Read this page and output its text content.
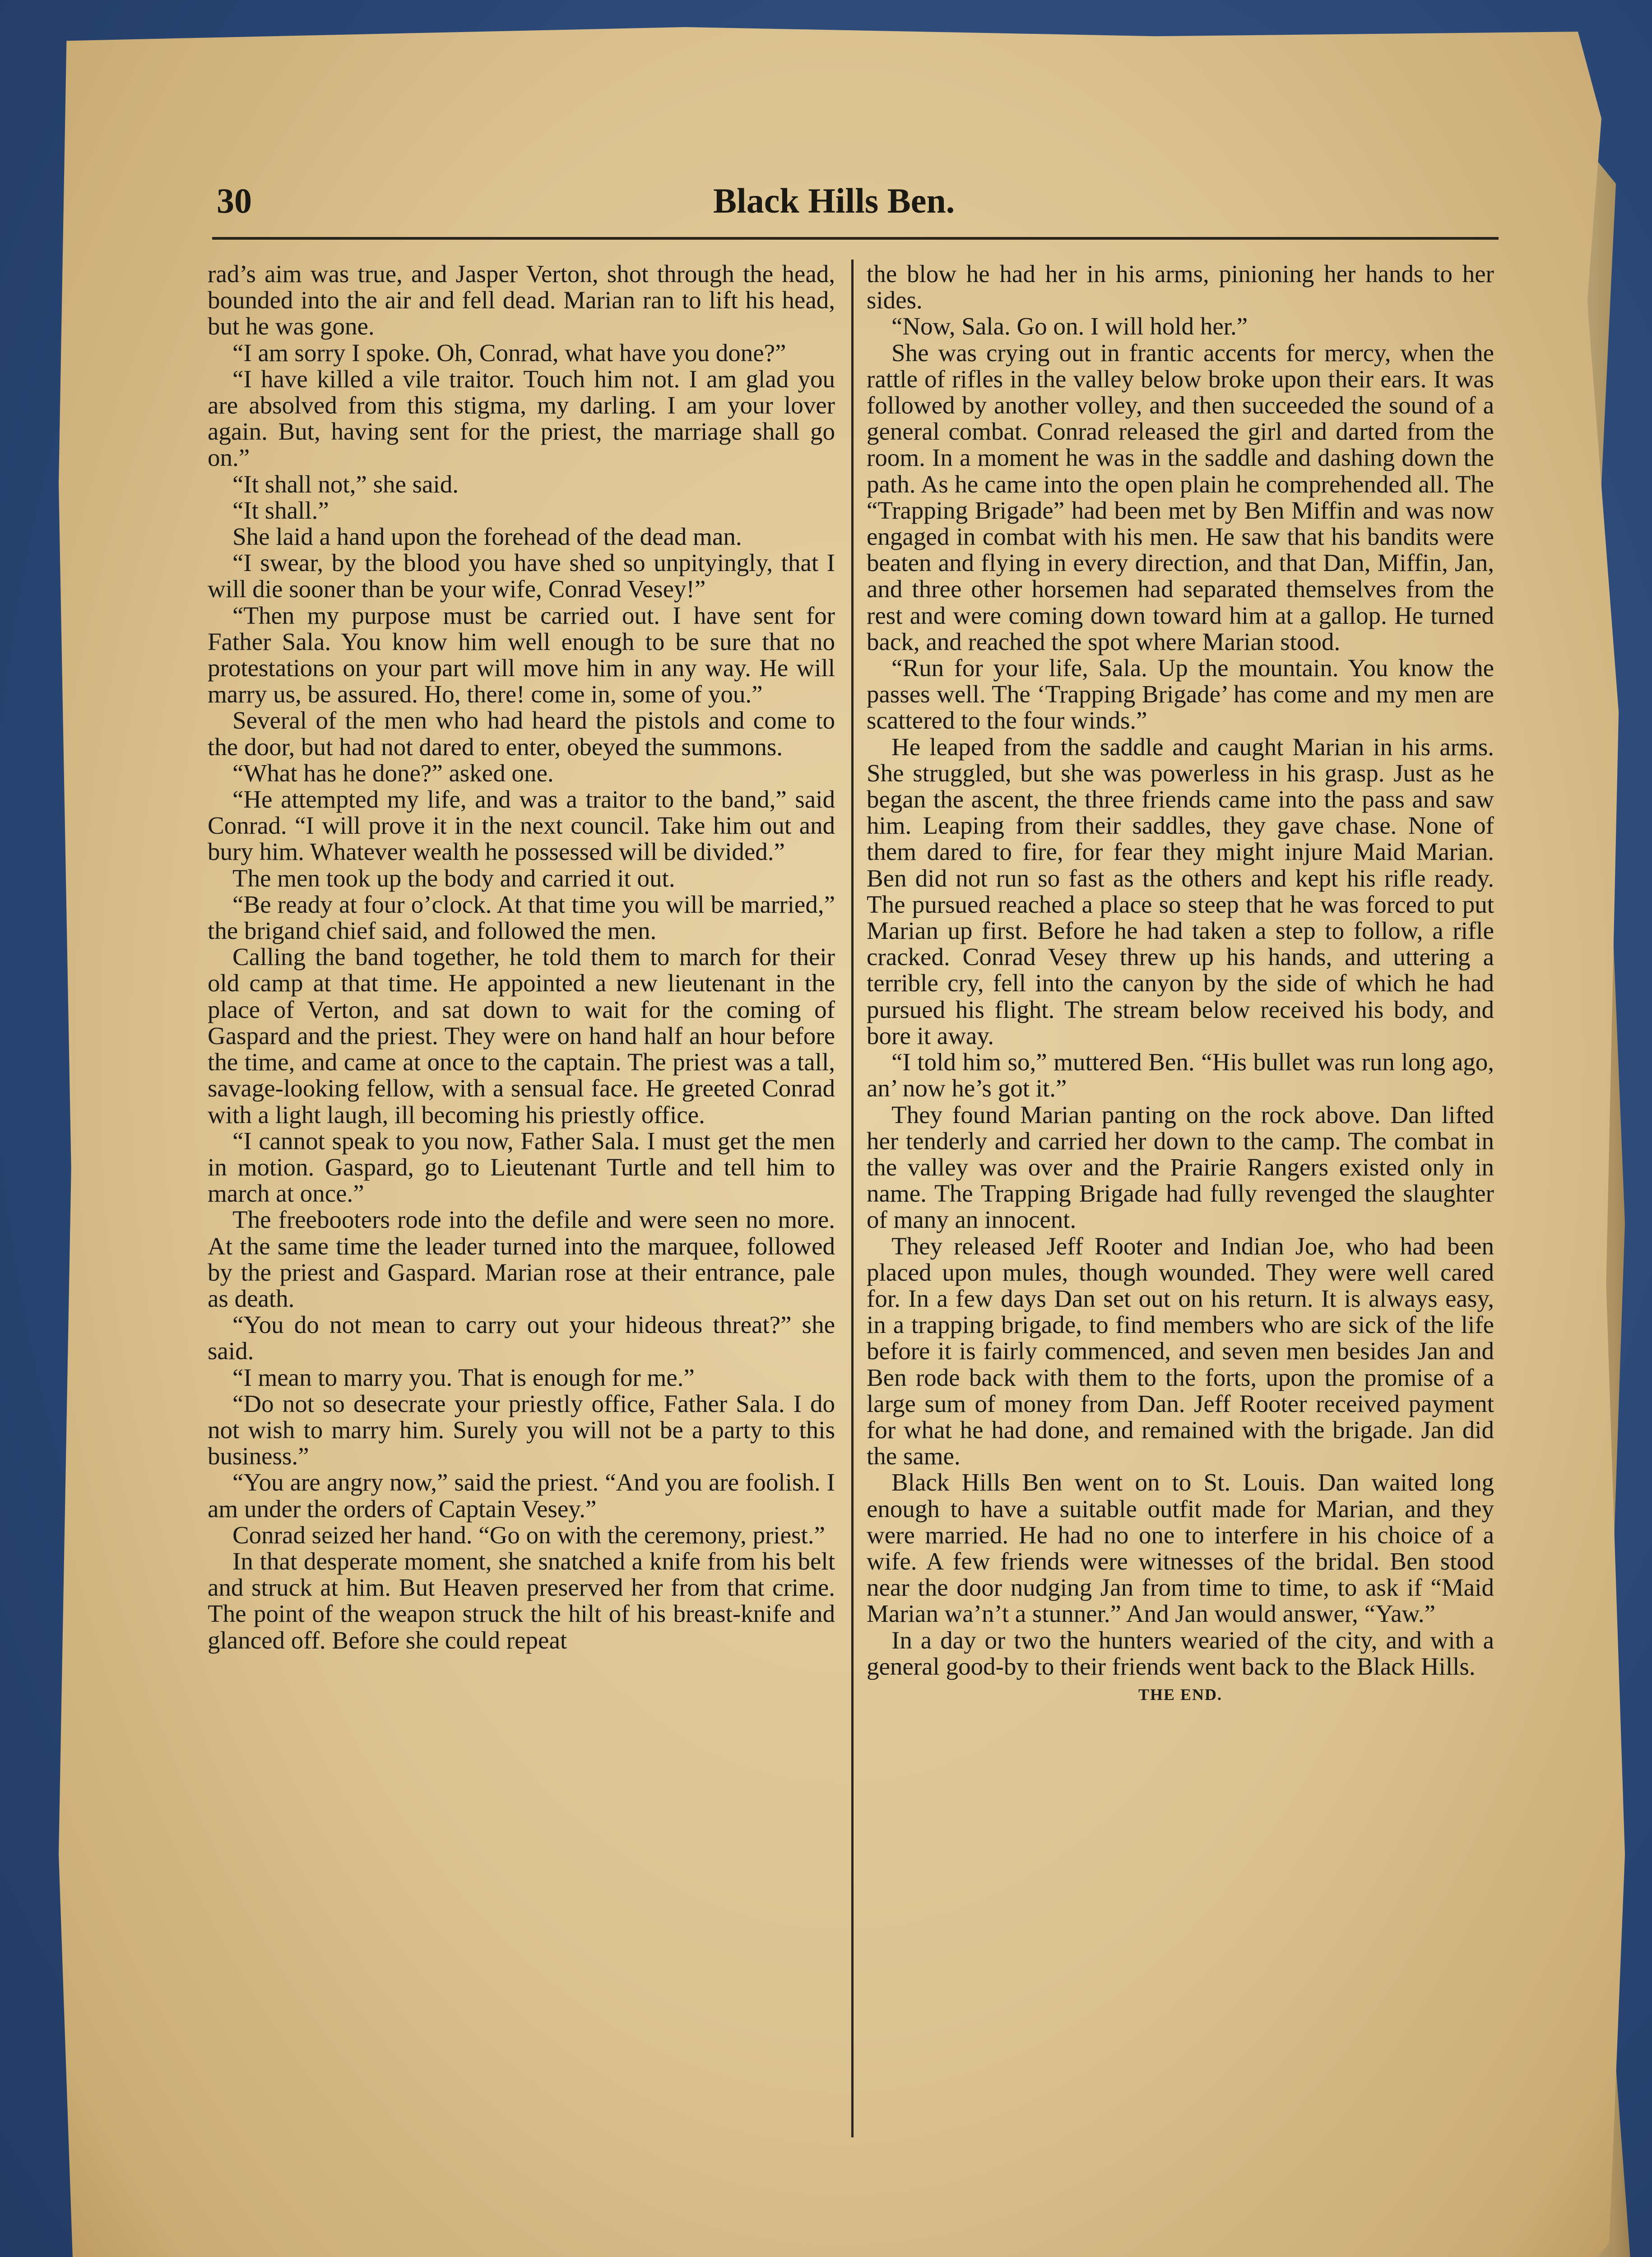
30	Black Hills Ben.

rad’s aim was true, and Jasper Verton, shot through the head, bounded into the air and fell dead. Marian ran to lift his head, but he was gone.

“I am sorry I spoke. Oh, Conrad, what have you done?”

“I have killed a vile traitor. Touch him not. I am glad you are absolved from this stigma, my darling. I am your lover again. But, having sent for the priest, the marriage shall go on.”

“It shall not,” she said.

“It shall.”

She laid a hand upon the forehead of the dead man.

“I swear, by the blood you have shed so unpityingly, that I will die sooner than be your wife, Conrad Vesey!”

“Then my purpose must be carried out. I have sent for Father Sala. You know him well enough to be sure that no protestations on your part will move him in any way. He will marry us, be assured. Ho, there! come in, some of you.”

Several of the men who had heard the pistols and come to the door, but had not dared to enter, obeyed the summons.

“What has he done?” asked one.

“He attempted my life, and was a traitor to the band,” said Conrad. “I will prove it in the next council. Take him out and bury him. Whatever wealth he possessed will be divided.”

The men took up the body and carried it out.

“Be ready at four o’clock. At that time you will be married,” the brigand chief said, and followed the men.

Calling the band together, he told them to march for their old camp at that time. He appointed a new lieutenant in the place of Verton, and sat down to wait for the coming of Gaspard and the priest. They were on hand half an hour before the time, and came at once to the captain. The priest was a tall, savage-looking fellow, with a sensual face. He greeted Conrad with a light laugh, ill becoming his priestly office.

“I cannot speak to you now, Father Sala. I must get the men in motion. Gaspard, go to Lieutenant Turtle and tell him to march at once.”

The freebooters rode into the defile and were seen no more. At the same time the leader turned into the marquee, followed by the priest and Gaspard. Marian rose at their entrance, pale as death.

“You do not mean to carry out your hideous threat?” she said.

“I mean to marry you. That is enough for me.”

“Do not so desecrate your priestly office, Father Sala. I do not wish to marry him. Surely you will not be a party to this business.”

“You are angry now,” said the priest. “And you are foolish. I am under the orders of Captain Vesey.”

Conrad seized her hand. “Go on with the ceremony, priest.”

In that desperate moment, she snatched a knife from his belt and struck at him. But Heaven preserved her from that crime. The point of the weapon struck the hilt of his breast-knife and glanced off. Before she could repeat

the blow he had her in his arms, pinioning her hands to her sides.

“Now, Sala. Go on. I will hold her.”

She was crying out in frantic accents for mercy, when the rattle of rifles in the valley below broke upon their ears. It was followed by another volley, and then succeeded the sound of a general combat. Conrad released the girl and darted from the room. In a moment he was in the saddle and dashing down the path. As he came into the open plain he comprehended all. The “Trapping Brigade” had been met by Ben Miffin and was now engaged in combat with his men. He saw that his bandits were beaten and flying in every direction, and that Dan, Miffin, Jan, and three other horsemen had separated themselves from the rest and were coming down toward him at a gallop. He turned back, and reached the spot where Marian stood.

“Run for your life, Sala. Up the mountain. You know the passes well. The ‘Trapping Brigade’ has come and my men are scattered to the four winds.”

He leaped from the saddle and caught Marian in his arms. She struggled, but she was powerless in his grasp. Just as he began the ascent, the three friends came into the pass and saw him. Leaping from their saddles, they gave chase. None of them dared to fire, for fear they might injure Maid Marian. Ben did not run so fast as the others and kept his rifle ready. The pursued reached a place so steep that he was forced to put Marian up first. Before he had taken a step to follow, a rifle cracked. Conrad Vesey threw up his hands, and uttering a terrible cry, fell into the canyon by the side of which he had pursued his flight. The stream below received his body, and bore it away.

“I told him so,” muttered Ben. “His bullet was run long ago, an’ now he’s got it.”

They found Marian panting on the rock above. Dan lifted her tenderly and carried her down to the camp. The combat in the valley was over and the Prairie Rangers existed only in name. The Trapping Brigade had fully revenged the slaughter of many an innocent.

They released Jeff Rooter and Indian Joe, who had been placed upon mules, though wounded. They were well cared for. In a few days Dan set out on his return. It is always easy, in a trapping brigade, to find members who are sick of the life before it is fairly commenced, and seven men besides Jan and Ben rode back with them to the forts, upon the promise of a large sum of money from Dan. Jeff Rooter received payment for what he had done, and remained with the brigade. Jan did the same.

Black Hills Ben went on to St. Louis. Dan waited long enough to have a suitable outfit made for Marian, and they were married. He had no one to interfere in his choice of a wife. A few friends were witnesses of the bridal. Ben stood near the door nudging Jan from time to time, to ask if “Maid Marian wa’n’t a stunner.” And Jan would answer, “Yaw.”

In a day or two the hunters wearied of the city, and with a general good-by to their friends went back to the Black Hills.

THE END.
